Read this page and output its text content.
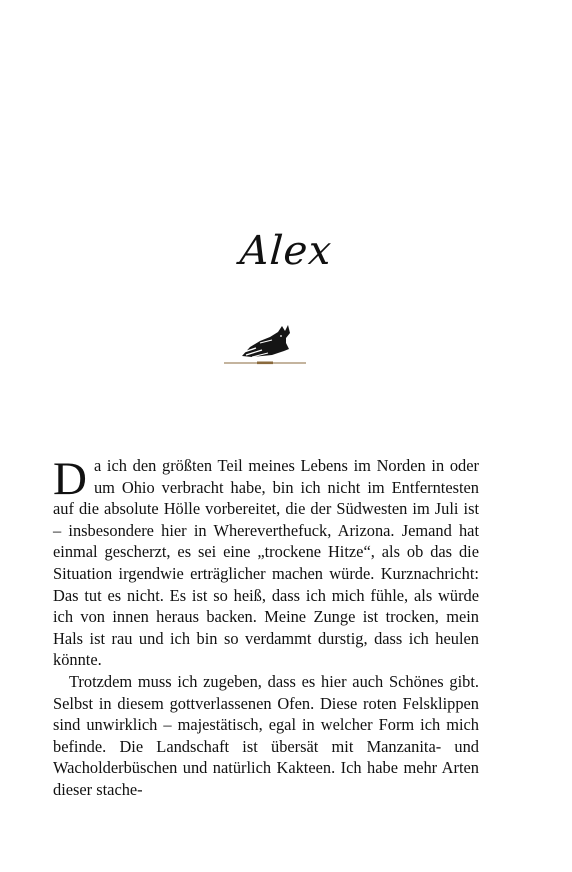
Alex

Da ich den größten Teil meines Lebens im Norden in oder um Ohio verbracht habe, bin ich nicht im Entferntesten auf die absolute Hölle vorbereitet, die der Südwesten im Juli ist – insbesondere hier in Whereverthefuck, Arizona. Jemand hat einmal gescherzt, es sei eine „trockene Hitze“, als ob das die Situation irgendwie erträglicher machen würde. Kurznachricht: Das tut es nicht. Es ist so heiß, dass ich mich fühle, als würde ich von innen heraus backen. Meine Zunge ist trocken, mein Hals ist rau und ich bin so verdammt durstig, dass ich heulen könnte.

Trotzdem muss ich zugeben, dass es hier auch Schönes gibt. Selbst in diesem gottverlassenen Ofen. Diese roten Felsklippen sind unwirklich – majestätisch, egal in welcher Form ich mich befinde. Die Landschaft ist übersät mit Manzanita- und Wacholderbüschen und natürlich Kakteen. Ich habe mehr Arten dieser stache-
